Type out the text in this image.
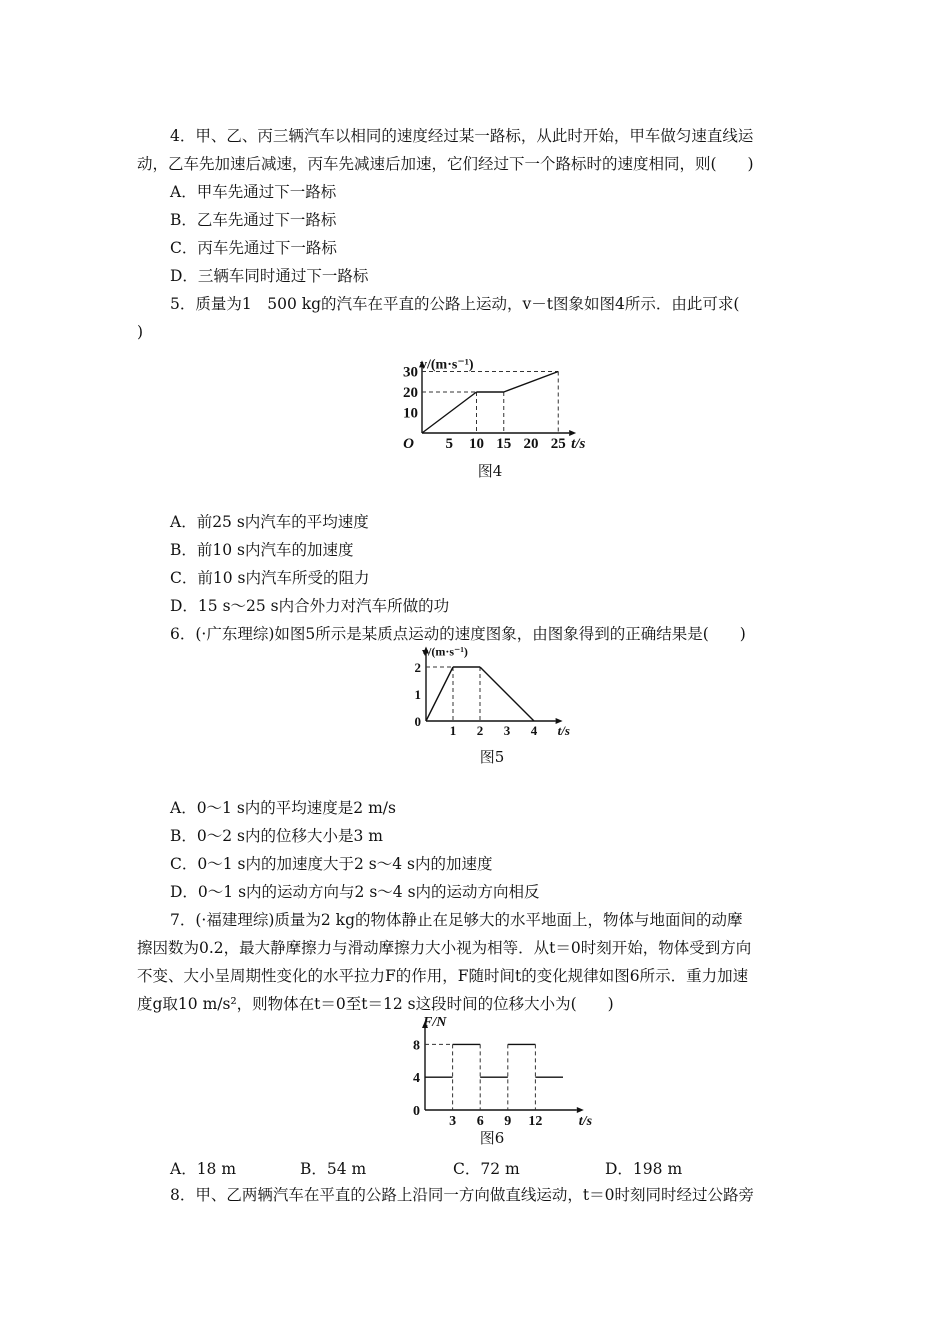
4．甲、乙、丙三辆汽车以相同的速度经过某一路标，从此时开始，甲车做匀速直线运
动，乙车先加速后减速，丙车先减速后加速，它们经过下一个路标时的速度相同，则(　　)
A．甲车先通过下一路标
B．乙车先通过下一路标
C．丙车先通过下一路标
D．三辆车同时通过下一路标
5．质量为1　500 kg的汽车在平直的公路上运动，v－t图象如图4所示．由此可求(
)
5 10 15 20 25
10
20
30
O	t/s
v/(m·s⁻¹)
图4
A．前25 s内汽车的平均速度
B．前10 s内汽车的加速度
C．前10 s内汽车所受的阻力
D．15 s～25 s内合外力对汽车所做的功
6．(·广东理综)如图5所示是某质点运动的速度图象，由图象得到的正确结果是(　　)
1 2 3 4
0
1
2
t/s
v/(m·s⁻¹)
图5
A．0～1 s内的平均速度是2 m/s
B．0～2 s内的位移大小是3 m
C．0～1 s内的加速度大于2 s～4 s内的加速度
D．0～1 s内的运动方向与2 s～4 s内的运动方向相反
7．(·福建理综)质量为2 kg的物体静止在足够大的水平地面上，物体与地面间的动摩
擦因数为0.2，最大静摩擦力与滑动摩擦力大小视为相等．从t＝0时刻开始，物体受到方向
不变、大小呈周期性变化的水平拉力F的作用，F随时间t的变化规律如图6所示．重力加速
度g取10 m/s²，则物体在t＝0至t＝12 s这段时间的位移大小为(　　)
3 6 9 12
0
4
8
t/s
F/N
图6
A．18 m	B．54 m	C．72 m	D．198 m
8．甲、乙两辆汽车在平直的公路上沿同一方向做直线运动，t＝0时刻同时经过公路旁
